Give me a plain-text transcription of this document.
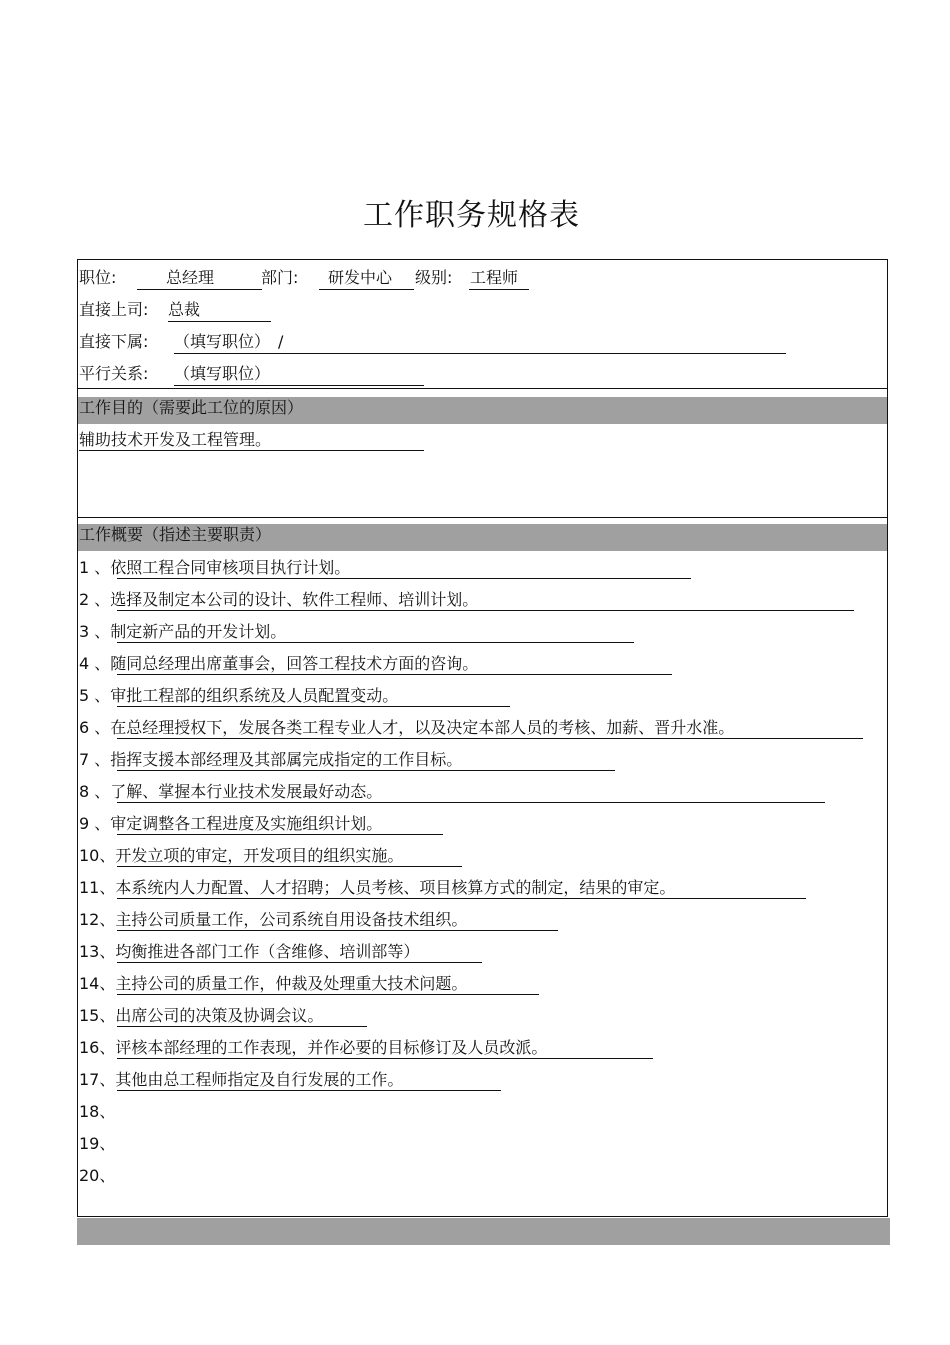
工作职务规格表
职位:	总经理	部门: 研发中心 级别: 工程师
直接上司: 总裁
直接下属: （填写职位）　/
平行关系: （填写职位）
工作目的（需要此工位的原因）
辅助技术开发及工程管理。
工作概要（指述主要职责）
1 、依照工程合同审核项目执行计划。
2 、选择及制定本公司的设计、软件工程师、培训计划。
3 、制定新产品的开发计划。
4 、随同总经理出席董事会，回答工程技术方面的咨询。
5 、审批工程部的组织系统及人员配置变动。
6 、在总经理授权下，发展各类工程专业人才，以及决定本部人员的考核、加薪、晋升水准。
7 、指挥支援本部经理及其部属完成指定的工作目标。
8 、了解、掌握本行业技术发展最好动态。
9 、审定调整各工程进度及实施组织计划。
10、开发立项的审定，开发项目的组织实施。
11、本系统内人力配置、人才招聘；人员考核、项目核算方式的制定，结果的审定。
12、主持公司质量工作，公司系统自用设备技术组织。
13、均衡推进各部门工作（含维修、培训部等）
14、主持公司的质量工作，仲裁及处理重大技术问题。
15、出席公司的决策及协调会议。
16、评核本部经理的工作表现，并作必要的目标修订及人员改派。
17、其他由总工程师指定及自行发展的工作。
18、
19、
20、
